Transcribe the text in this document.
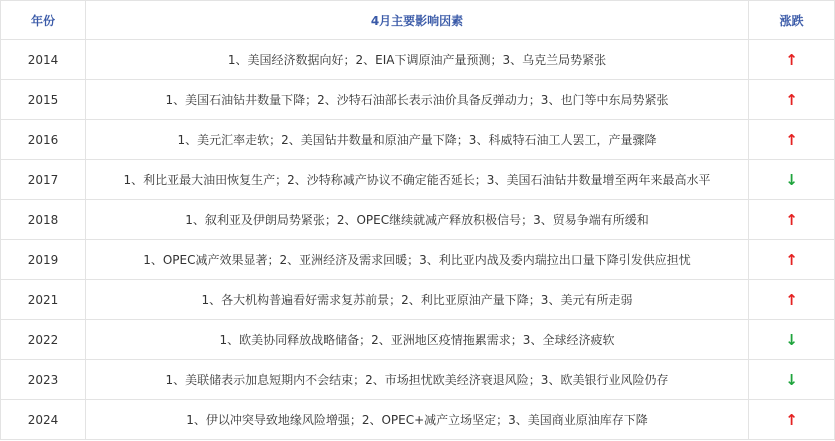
年份	4月主要影响因素	涨跌
2014	1、美国经济数据向好；2、EIA下调原油产量预测；3、乌克兰局势紧张	↑
2015	1、美国石油钻井数量下降；2、沙特石油部长表示油价具备反弹动力；3、也门等中东局势紧张	↑
2016	1、美元汇率走软；2、美国钻井数量和原油产量下降；3、科威特石油工人罢工，产量骤降	↑
2017	1、利比亚最大油田恢复生产；2、沙特称减产协议不确定能否延长；3、美国石油钻井数量增至两年来最高水平	↓
2018	1、叙利亚及伊朗局势紧张；2、OPEC继续就减产释放积极信号；3、贸易争端有所缓和	↑
2019	1、OPEC减产效果显著；2、亚洲经济及需求回暖；3、利比亚内战及委内瑞拉出口量下降引发供应担忧	↑
2021	1、各大机构普遍看好需求复苏前景；2、利比亚原油产量下降；3、美元有所走弱	↑
2022	1、欧美协同释放战略储备；2、亚洲地区疫情拖累需求；3、全球经济疲软	↓
2023	1、美联储表示加息短期内不会结束；2、市场担忧欧美经济衰退风险；3、欧美银行业风险仍存	↓
2024	1、伊以冲突导致地缘风险增强；2、OPEC+减产立场坚定；3、美国商业原油库存下降	↑
